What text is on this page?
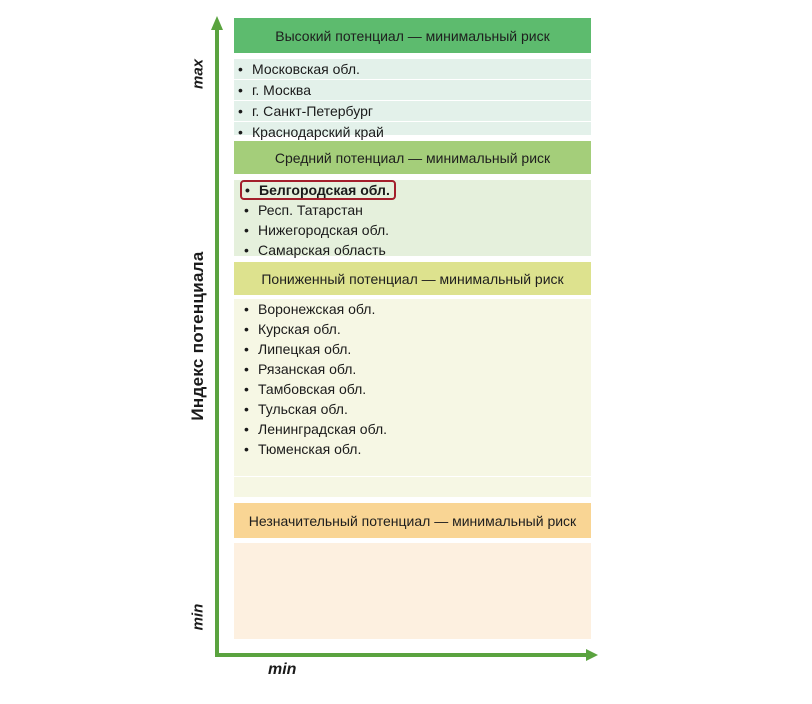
Индекс потенциала
max
min
min
Высокий потенциал — минимальный риск
• Московская обл.
• г. Москва
• г. Санкт-Петербург
• Краснодарский край
Средний потенциал — минимальный риск
• Белгородская обл.
• Респ. Татарстан
• Нижегородская обл.
• Самарская область
Пониженный потенциал — минимальный риск
• Воронежская обл.
• Курская обл.
• Липецкая обл.
• Рязанская обл.
• Тамбовская обл.
• Тульская обл.
• Ленинградская обл.
• Тюменская обл.
Незначительный потенциал — минимальный риск
